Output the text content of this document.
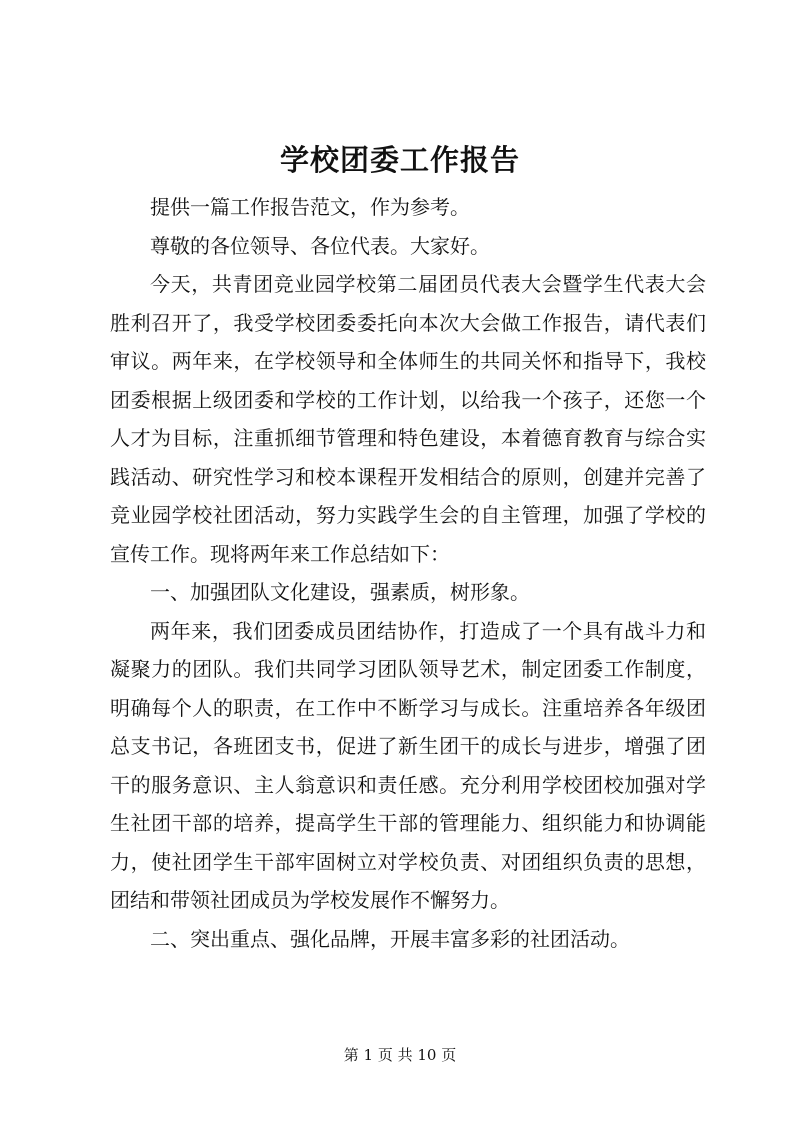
学校团委工作报告

提供一篇工作报告范文，作为参考。

尊敬的各位领导、各位代表。大家好。

今天，共青团竞业园学校第二届团员代表大会暨学生代表大会胜利召开了，我受学校团委委托向本次大会做工作报告，请代表们审议。两年来，在学校领导和全体师生的共同关怀和指导下，我校团委根据上级团委和学校的工作计划，以给我一个孩子，还您一个人才为目标，注重抓细节管理和特色建设，本着德育教育与综合实践活动、研究性学习和校本课程开发相结合的原则，创建并完善了竞业园学校社团活动，努力实践学生会的自主管理，加强了学校的宣传工作。现将两年来工作总结如下：

一、加强团队文化建设，强素质，树形象。

两年来，我们团委成员团结协作，打造成了一个具有战斗力和凝聚力的团队。我们共同学习团队领导艺术，制定团委工作制度，明确每个人的职责，在工作中不断学习与成长。注重培养各年级团总支书记，各班团支书，促进了新生团干的成长与进步，增强了团干的服务意识、主人翁意识和责任感。充分利用学校团校加强对学生社团干部的培养，提高学生干部的管理能力、组织能力和协调能力，使社团学生干部牢固树立对学校负责、对团组织负责的思想，团结和带领社团成员为学校发展作不懈努力。

二、突出重点、强化品牌，开展丰富多彩的社团活动。

第 1 页 共 10 页
